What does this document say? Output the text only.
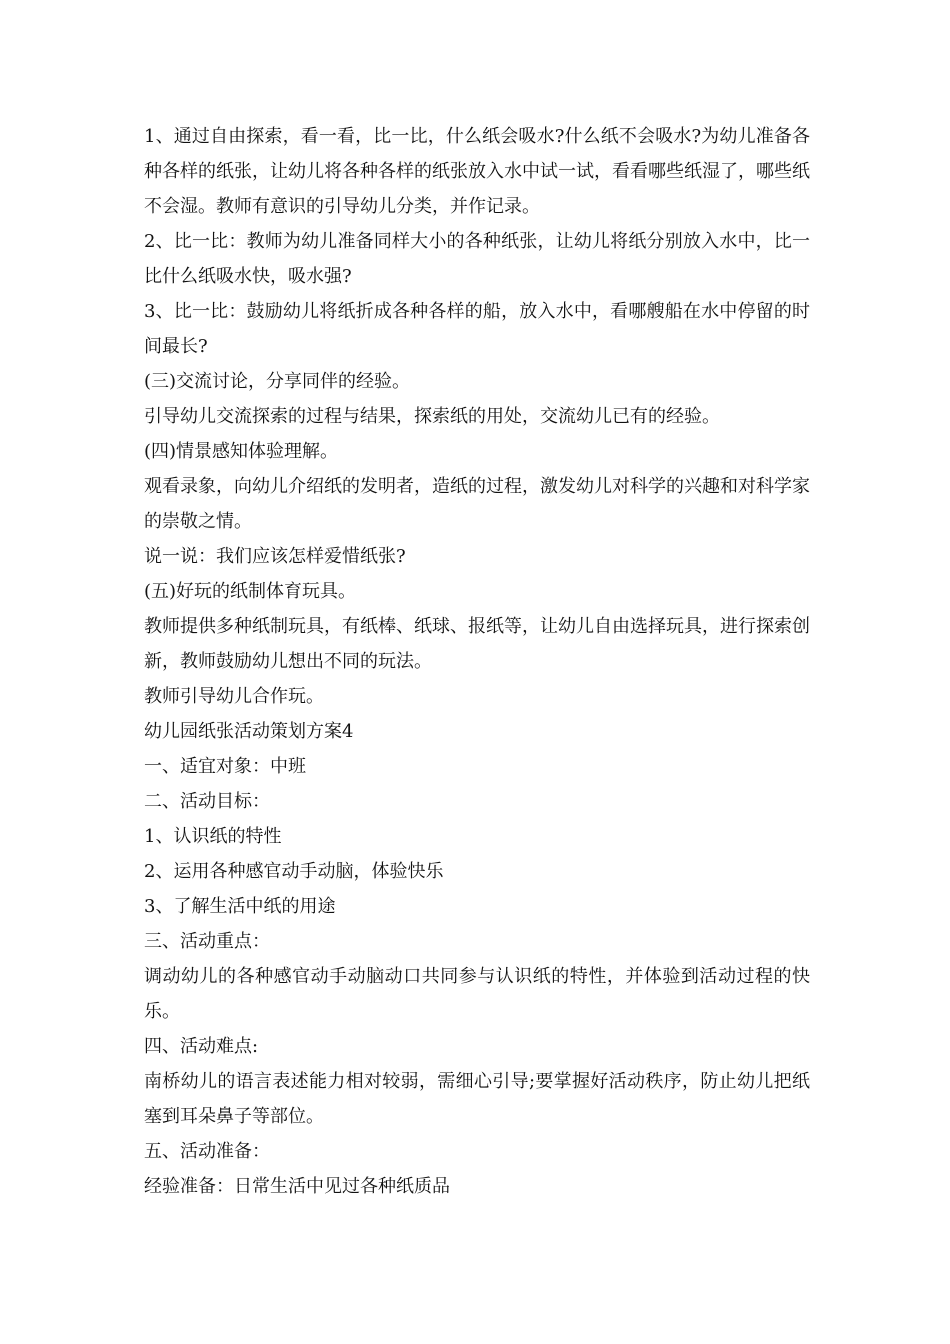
1、通过自由探索，看一看，比一比，什么纸会吸水?什么纸不会吸水?为幼儿准备各种各样的纸张，让幼儿将各种各样的纸张放入水中试一试，看看哪些纸湿了，哪些纸不会湿。教师有意识的引导幼儿分类，并作记录。

2、比一比：教师为幼儿准备同样大小的各种纸张，让幼儿将纸分别放入水中，比一比什么纸吸水快，吸水强?

3、比一比：鼓励幼儿将纸折成各种各样的船，放入水中，看哪艘船在水中停留的时间最长?

(三)交流讨论，分享同伴的经验。

引导幼儿交流探索的过程与结果，探索纸的用处，交流幼儿已有的经验。

(四)情景感知体验理解。

观看录象，向幼儿介绍纸的发明者，造纸的过程，激发幼儿对科学的兴趣和对科学家的崇敬之情。

说一说：我们应该怎样爱惜纸张?

(五)好玩的纸制体育玩具。

教师提供多种纸制玩具，有纸棒、纸球、报纸等，让幼儿自由选择玩具，进行探索创新，教师鼓励幼儿想出不同的玩法。

教师引导幼儿合作玩。

幼儿园纸张活动策划方案4

一、适宜对象：中班

二、活动目标：

1、认识纸的特性

2、运用各种感官动手动脑，体验快乐

3、了解生活中纸的用途

三、活动重点：

调动幼儿的各种感官动手动脑动口共同参与认识纸的特性，并体验到活动过程的快乐。

四、活动难点:

南桥幼儿的语言表述能力相对较弱，需细心引导;要掌握好活动秩序，防止幼儿把纸塞到耳朵鼻子等部位。

五、活动准备：

经验准备：日常生活中见过各种纸质品
